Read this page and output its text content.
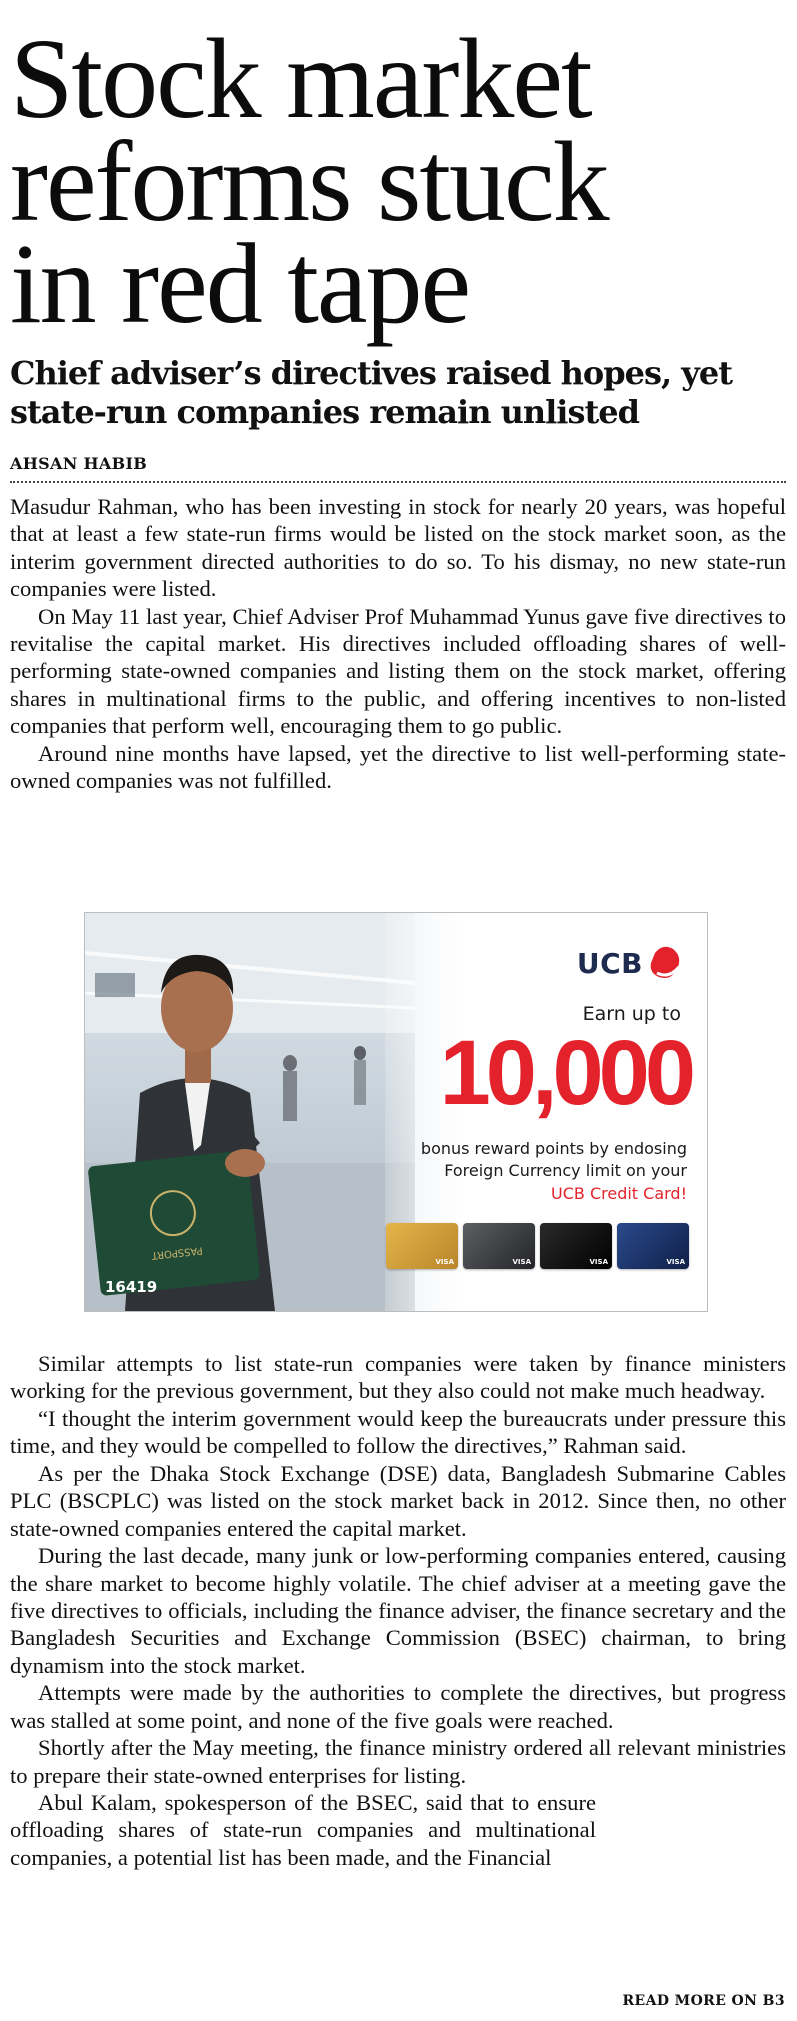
Stock market
reforms stuck
in red tape
Chief adviser’s directives raised hopes, yet state-run companies remain unlisted
AHSAN HABIB

Masudur Rahman, who has been investing in stock for nearly 20 years, was hopeful that at least a few state-run firms would be listed on the stock market soon, as the interim government directed authorities to do so. To his dismay, no new state-run companies were listed.

On May 11 last year, Chief Adviser Prof Muhammad Yunus gave five directives to revitalise the capital market. His directives included offloading shares of well-performing state-owned companies and listing them on the stock market, offering shares in multinational firms to the public, and offering incentives to non-listed companies that perform well, encouraging them to go public.

Around nine months have lapsed, yet the directive to list well-performing state-owned companies was not fulfilled.

PASSPORT
UCB
Earn up to
10,000
bonus reward points by endosing
Foreign Currency limit on your
UCB Credit Card!
VISA	VISA	VISA	VISA
16419

Similar attempts to list state-run companies were taken by finance ministers working for the previous government, but they also could not make much headway.

“I thought the interim government would keep the bureaucrats under pressure this time, and they would be compelled to follow the directives,” Rahman said.

As per the Dhaka Stock Exchange (DSE) data, Bangladesh Submarine Cables PLC (BSCPLC) was listed on the stock market back in 2012. Since then, no other state-owned companies entered the capital market.

During the last decade, many junk or low-performing companies entered, causing the share market to become highly volatile. The chief adviser at a meeting gave the five directives to officials, including the finance adviser, the finance secretary and the Bangladesh Securities and Exchange Commission (BSEC) chairman, to bring dynamism into the stock market.

Attempts were made by the authorities to complete the directives, but progress was stalled at some point, and none of the five goals were reached.

Shortly after the May meeting, the finance ministry ordered all relevant ministries to prepare their state-owned enterprises for listing.

Abul Kalam, spokesperson of the BSEC, said that to ensure offloading shares of state-run companies and multinational companies, a potential list has been made, and the Financial

READ MORE ON B3
